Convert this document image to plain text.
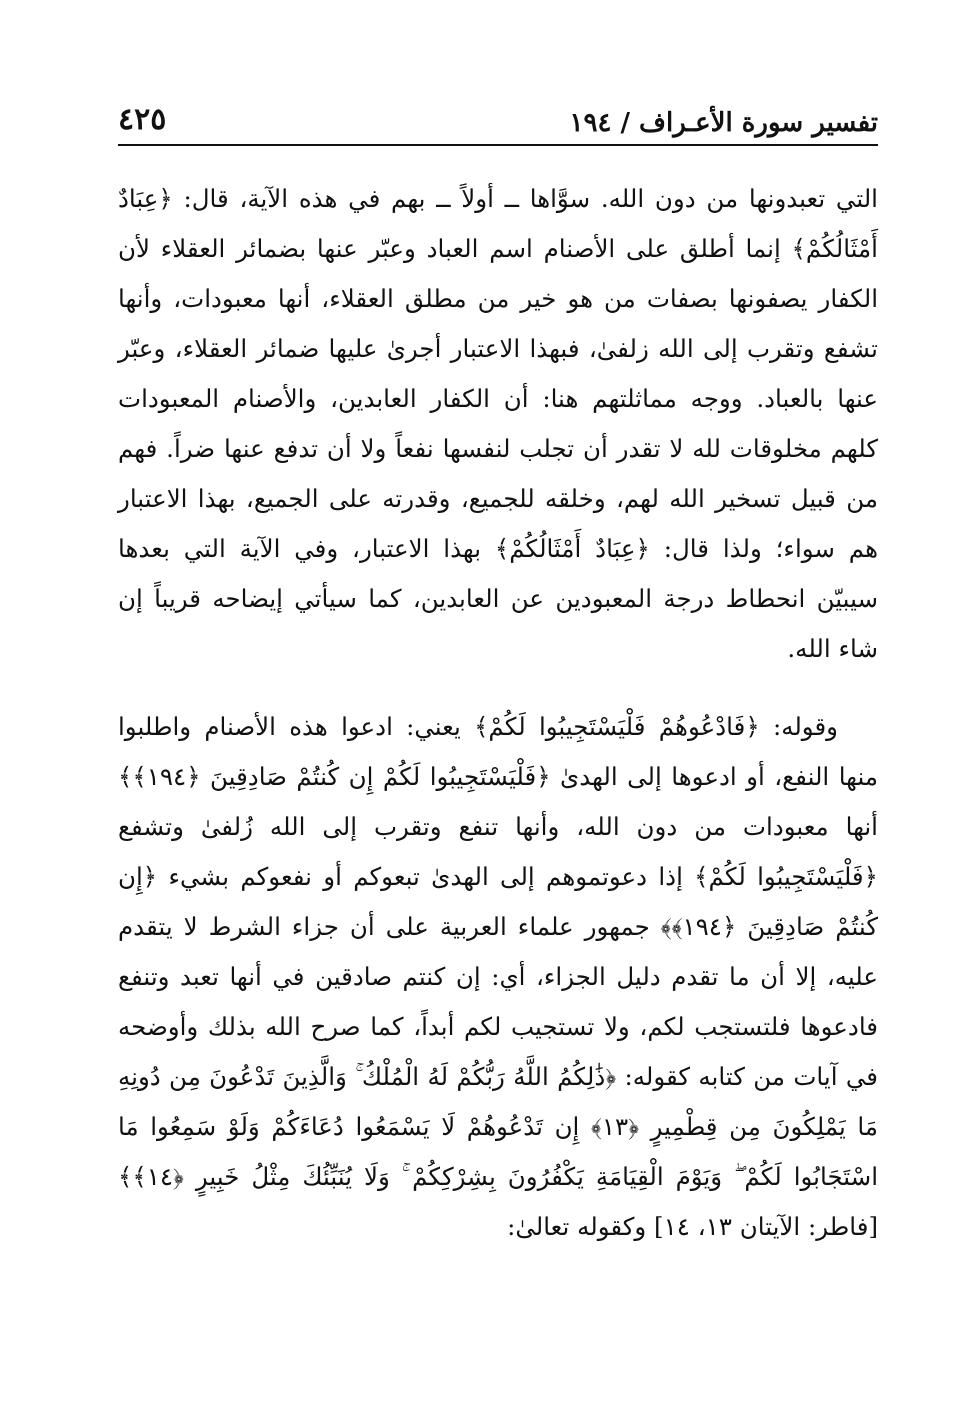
تفسير سورة الأعـراف / ١٩٤
٤٢٥

التي تعبدونها من دون الله. سوَّاها ــ أولاً ــ بهم في هذه الآية، قال: ﴿عِبَادٌ أَمْثَالُكُمْ﴾ إنما أطلق على الأصنام اسم العباد وعبّر عنها بضمائر العقلاء لأن الكفار يصفونها بصفات من هو خير من مطلق العقلاء، أنها معبودات، وأنها تشفع وتقرب إلى الله زلفىٰ، فبهذا الاعتبار أجرىٰ عليها ضمائر العقلاء، وعبّر عنها بالعباد. ووجه مماثلتهم هنا: أن الكفار العابدين، والأصنام المعبودات كلهم مخلوقات لله لا تقدر أن تجلب لنفسها نفعاً ولا أن تدفع عنها ضراً. فهم من قبيل تسخير الله لهم، وخلقه للجميع، وقدرته على الجميع، بهذا الاعتبار هم سواء؛ ولذا قال: ﴿عِبَادٌ أَمْثَالُكُمْ﴾ بهذا الاعتبار، وفي الآية التي بعدها سيبيّن انحطاط درجة المعبودين عن العابدين، كما سيأتي إيضاحه قريباً إن شاء الله.

وقوله: ﴿فَادْعُوهُمْ فَلْيَسْتَجِيبُوا لَكُمْ﴾ يعني: ادعوا هذه الأصنام واطلبوا منها النفع، أو ادعوها إلى الهدىٰ ﴿فَلْيَسْتَجِيبُوا لَكُمْ إِن كُنتُمْ صَادِقِينَ ﴿١٩٤﴾﴾ أنها معبودات من دون الله، وأنها تنفع وتقرب إلى الله زُلفىٰ وتشفع ﴿فَلْيَسْتَجِيبُوا لَكُمْ﴾ إذا دعوتموهم إلى الهدىٰ تبعوكم أو نفعوكم بشيء ﴿إِن كُنتُمْ صَادِقِينَ ﴿١٩٤﴾﴾ جمهور علماء العربية على أن جزاء الشرط لا يتقدم عليه، إلا أن ما تقدم دليل الجزاء، أي: إن كنتم صادقين في أنها تعبد وتنفع فادعوها فلتستجب لكم، ولا تستجيب لكم أبداً، كما صرح الله بذلك وأوضحه في آيات من كتابه كقوله: ﴿ذَٰلِكُمُ اللَّهُ رَبُّكُمْ لَهُ الْمُلْكُ ۚ وَالَّذِينَ تَدْعُونَ مِن دُونِهِ مَا يَمْلِكُونَ مِن قِطْمِيرٍ ﴿١٣﴾ إِن تَدْعُوهُمْ لَا يَسْمَعُوا دُعَاءَكُمْ وَلَوْ سَمِعُوا مَا اسْتَجَابُوا لَكُمْ ۖ وَيَوْمَ الْقِيَامَةِ يَكْفُرُونَ بِشِرْكِكُمْ ۚ وَلَا يُنَبِّئُكَ مِثْلُ خَبِيرٍ ﴿١٤﴾﴾ [فاطر: الآيتان ١٣، ١٤] وكقوله تعالىٰ:
